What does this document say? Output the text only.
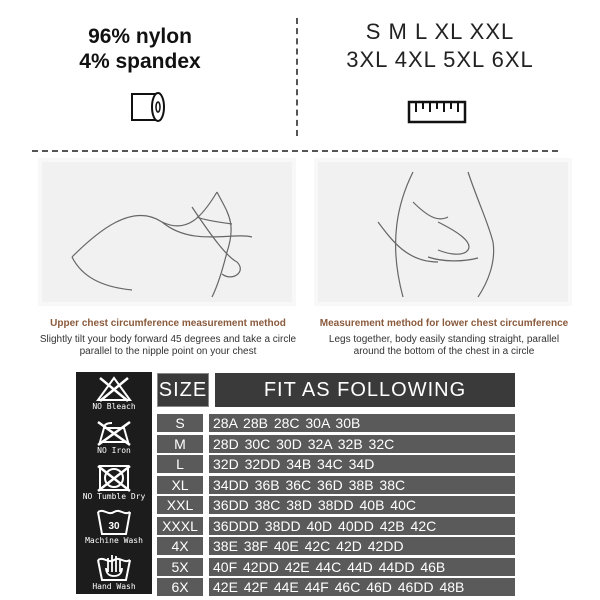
96% nylon
4% spandex
S M L XL XXL
3XL 4XL 5XL 6XL
Upper chest circumference measurement method
Slightly tilt your body forward 45 degrees and take a circle parallel to the nipple point on your chest
Measurement method for lower chest circumference
Legs together, body easily standing straight, parallel around the bottom of the chest in a circle
NO Bleach
NO Iron
NO Tumble Dry
30
Machine Wash
Hand Wash
SIZE	FIT AS FOLLOWING
S	28A 28B 28C 30A 30B
M	28D 30C 30D 32A 32B 32C
L	32D 32DD 34B 34C 34D
XL	34DD 36B 36C 36D 38B 38C
XXL	36DD 38C 38D 38DD 40B 40C
XXXL	36DDD 38DD 40D 40DD 42B 42C
4X	38E 38F 40E 42C 42D 42DD
5X	40F 42DD 42E 44C 44D 44DD 46B
6X	42E 42F 44E 44F 46C 46D 46DD 48B
